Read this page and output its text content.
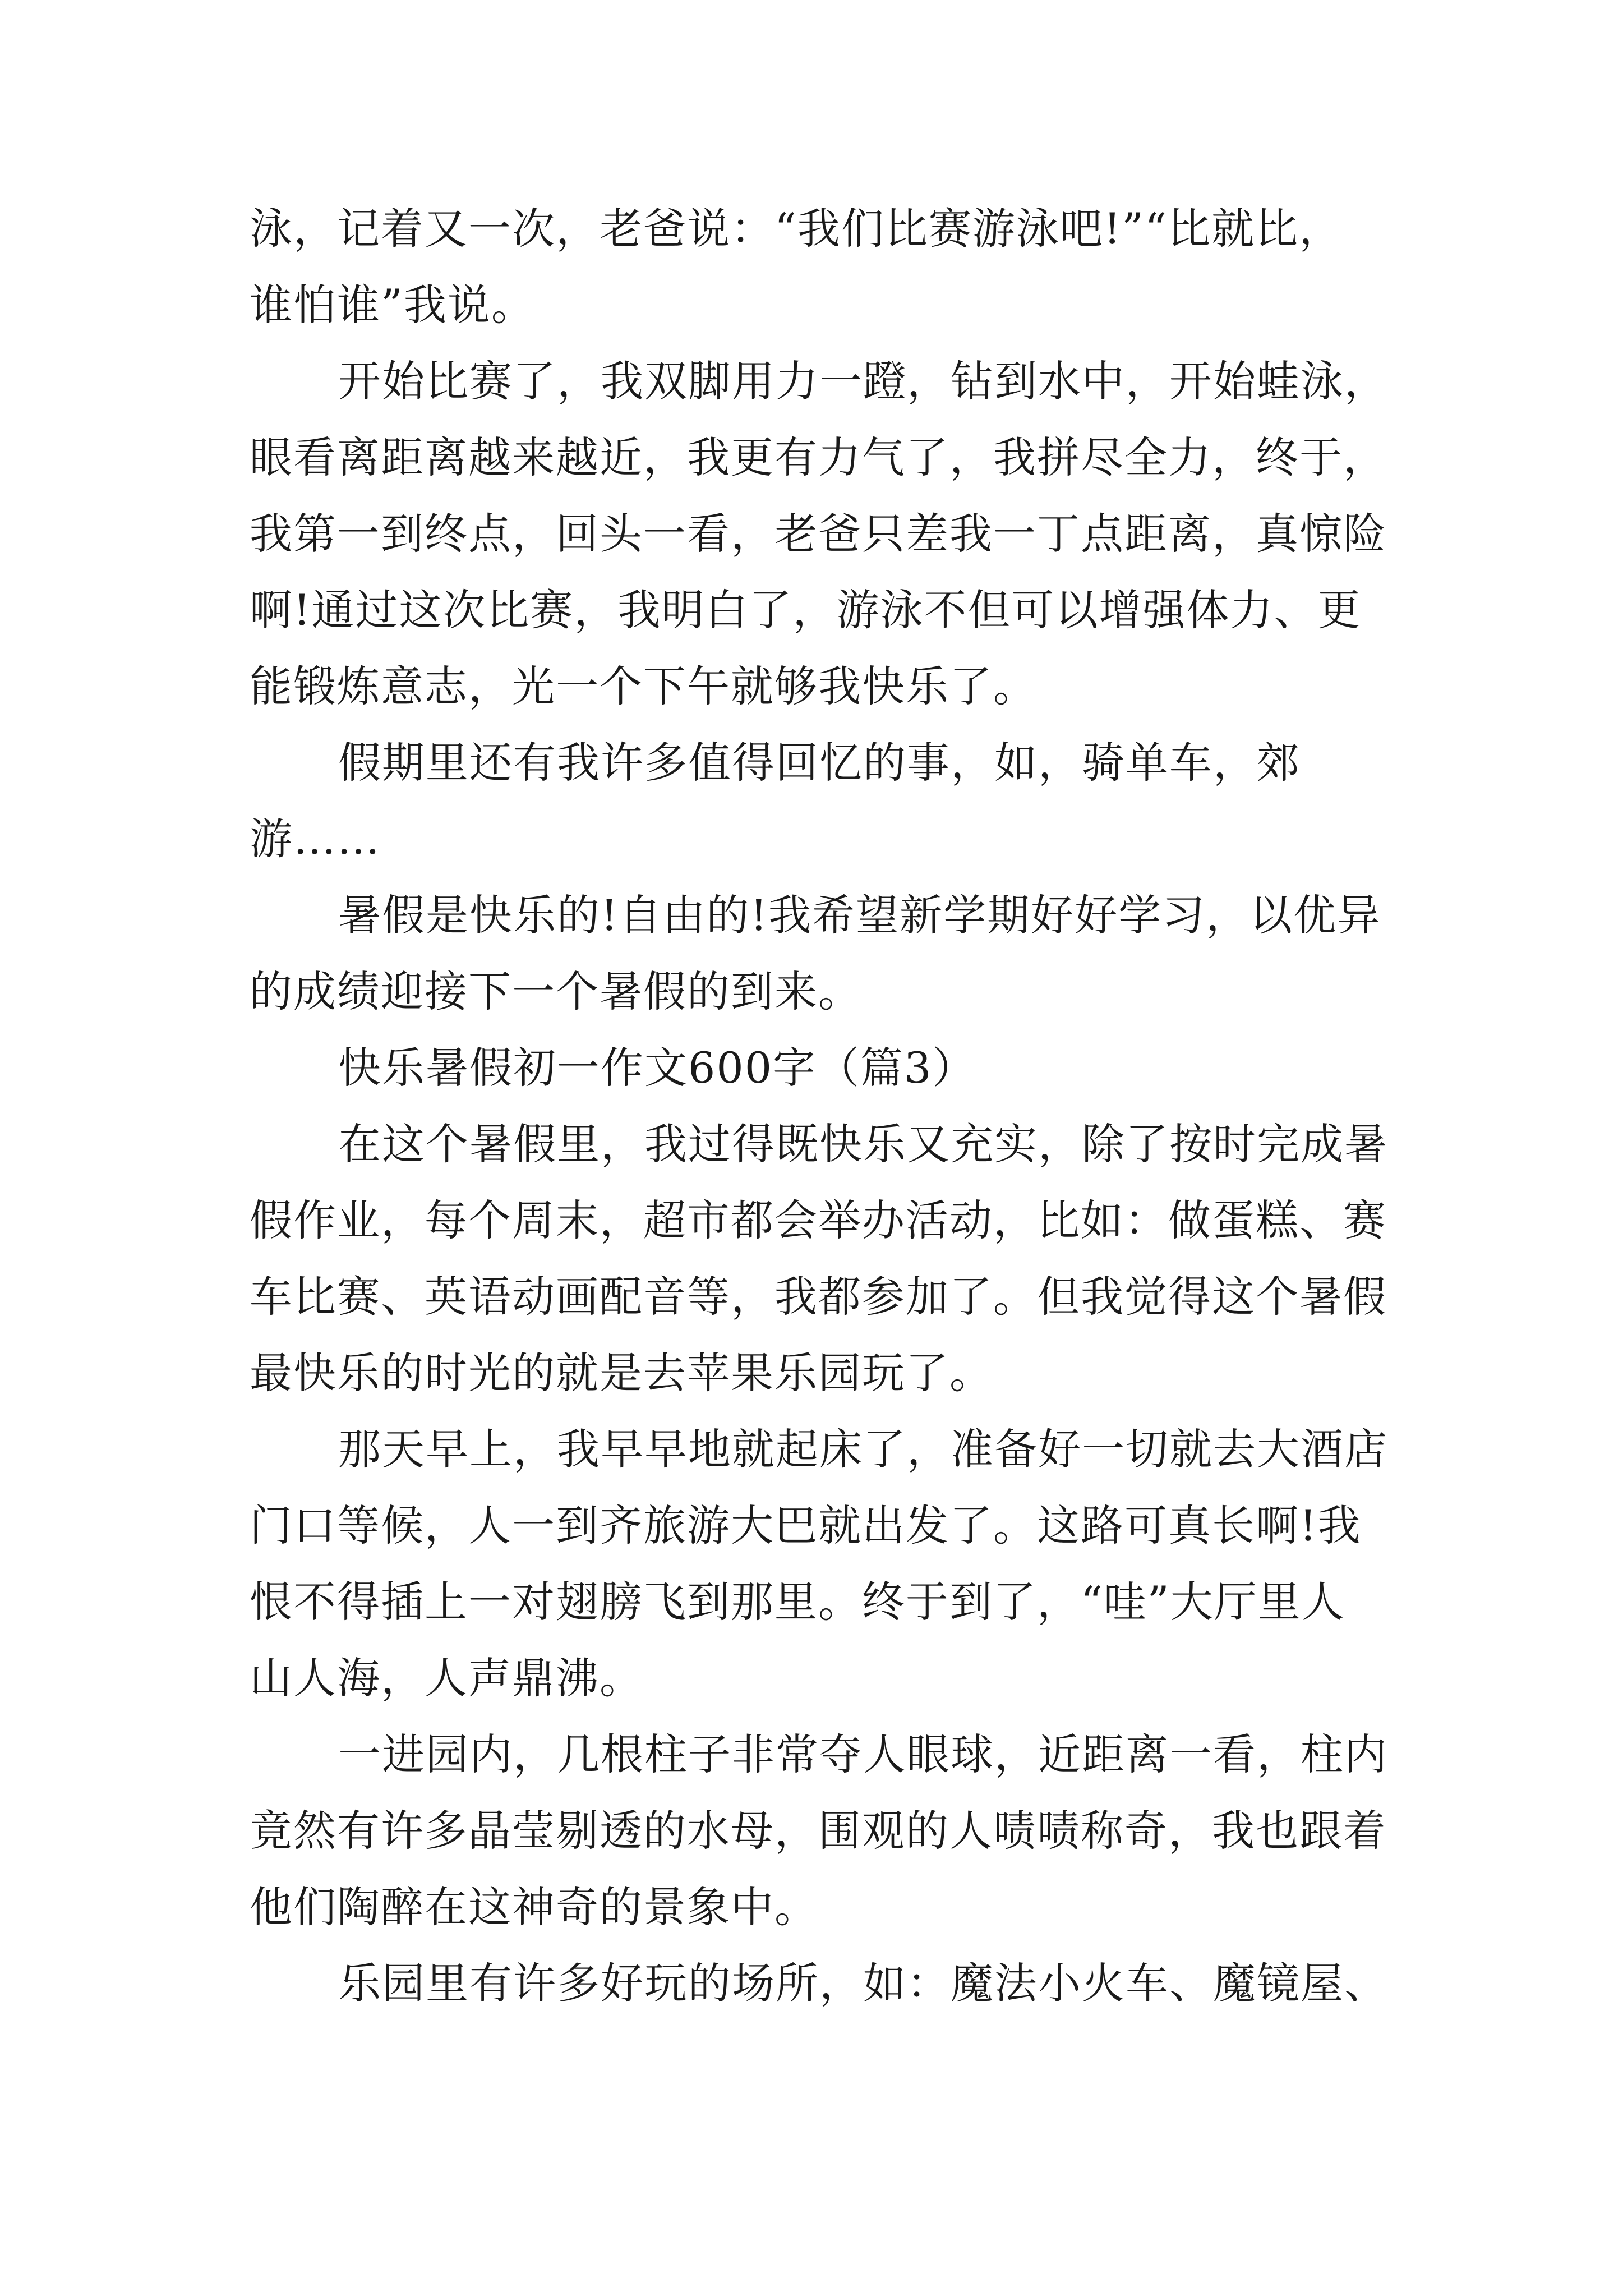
泳，记着又一次，老爸说：“我们比赛游泳吧!”“比就比，
谁怕谁”我说。
开始比赛了，我双脚用力一蹬，钻到水中，开始蛙泳，
眼看离距离越来越近，我更有力气了，我拼尽全力，终于，
我第一到终点，回头一看，老爸只差我一丁点距离，真惊险
啊!通过这次比赛，我明白了，游泳不但可以增强体力、更
能锻炼意志，光一个下午就够我快乐了。
假期里还有我许多值得回忆的事，如，骑单车，郊
游……
暑假是快乐的!自由的!我希望新学期好好学习，以优异
的成绩迎接下一个暑假的到来。
快乐暑假初一作文600字（篇3）
在这个暑假里，我过得既快乐又充实，除了按时完成暑
假作业，每个周末，超市都会举办活动，比如：做蛋糕、赛
车比赛、英语动画配音等，我都参加了。但我觉得这个暑假
最快乐的时光的就是去苹果乐园玩了。
那天早上，我早早地就起床了，准备好一切就去大酒店
门口等候，人一到齐旅游大巴就出发了。这路可真长啊!我
恨不得插上一对翅膀飞到那里。终于到了，“哇”大厅里人
山人海，人声鼎沸。
一进园内，几根柱子非常夺人眼球，近距离一看，柱内
竟然有许多晶莹剔透的水母，围观的人啧啧称奇，我也跟着
他们陶醉在这神奇的景象中。
乐园里有许多好玩的场所，如：魔法小火车、魔镜屋、
